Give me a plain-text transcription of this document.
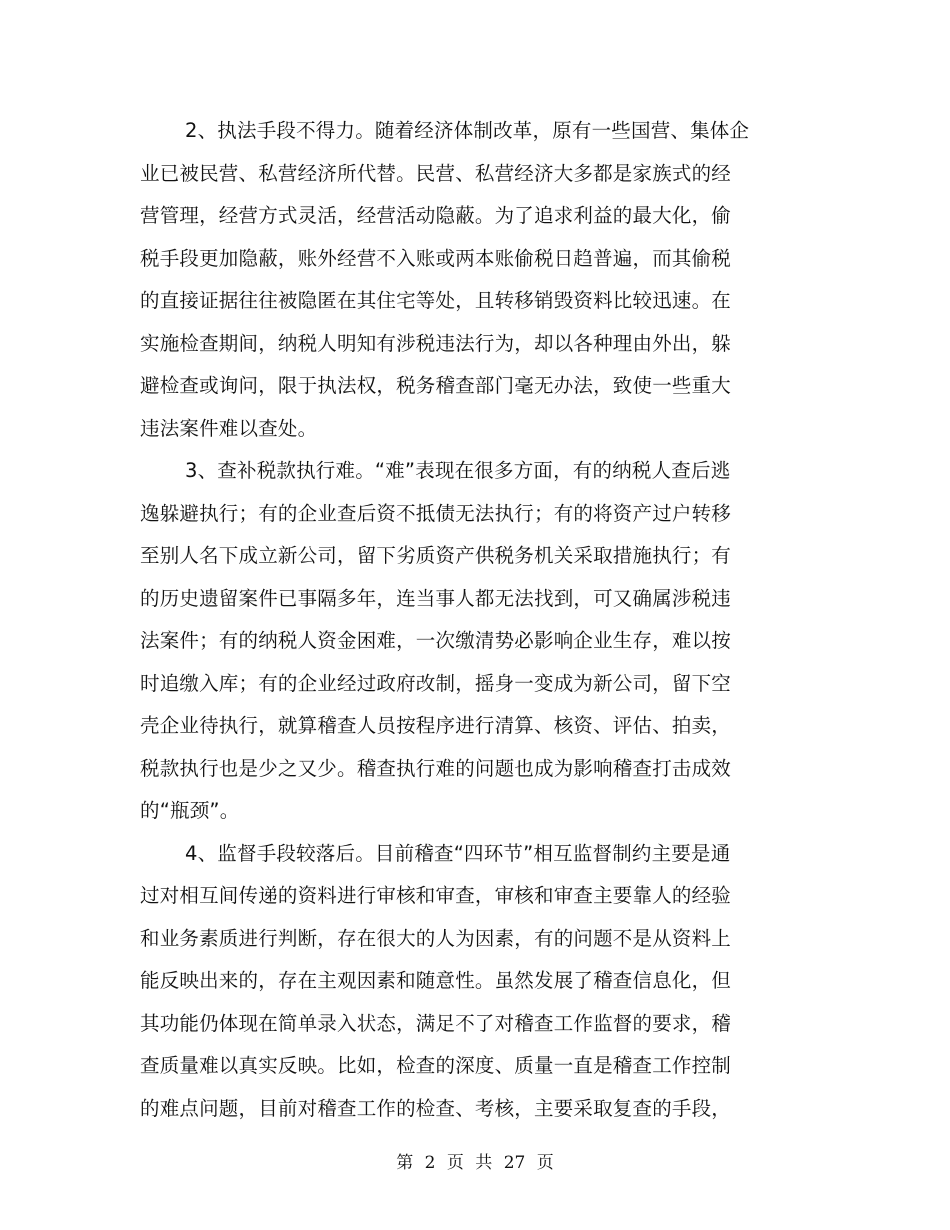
2、执法手段不得力。随着经济体制改革，原有一些国营、集体企
业已被民营、私营经济所代替。民营、私营经济大多都是家族式的经
营管理，经营方式灵活，经营活动隐蔽。为了追求利益的最大化，偷
税手段更加隐蔽，账外经营不入账或两本账偷税日趋普遍，而其偷税
的直接证据往往被隐匿在其住宅等处，且转移销毁资料比较迅速。在
实施检查期间，纳税人明知有涉税违法行为，却以各种理由外出，躲
避检查或询问，限于执法权，税务稽查部门毫无办法，致使一些重大
违法案件难以查处。
3、查补税款执行难。“难”表现在很多方面，有的纳税人查后逃
逸躲避执行；有的企业查后资不抵债无法执行；有的将资产过户转移
至别人名下成立新公司，留下劣质资产供税务机关采取措施执行；有
的历史遗留案件已事隔多年，连当事人都无法找到，可又确属涉税违
法案件；有的纳税人资金困难，一次缴清势必影响企业生存，难以按
时追缴入库；有的企业经过政府改制，摇身一变成为新公司，留下空
壳企业待执行，就算稽查人员按程序进行清算、核资、评估、拍卖，
税款执行也是少之又少。稽查执行难的问题也成为影响稽查打击成效
的“瓶颈”。
4、监督手段较落后。目前稽查“四环节”相互监督制约主要是通
过对相互间传递的资料进行审核和审查，审核和审查主要靠人的经验
和业务素质进行判断，存在很大的人为因素，有的问题不是从资料上
能反映出来的，存在主观因素和随意性。虽然发展了稽查信息化，但
其功能仍体现在简单录入状态，满足不了对稽查工作监督的要求，稽
查质量难以真实反映。比如，检查的深度、质量一直是稽查工作控制
的难点问题，目前对稽查工作的检查、考核，主要采取复查的手段，
第 2 页 共 27 页
